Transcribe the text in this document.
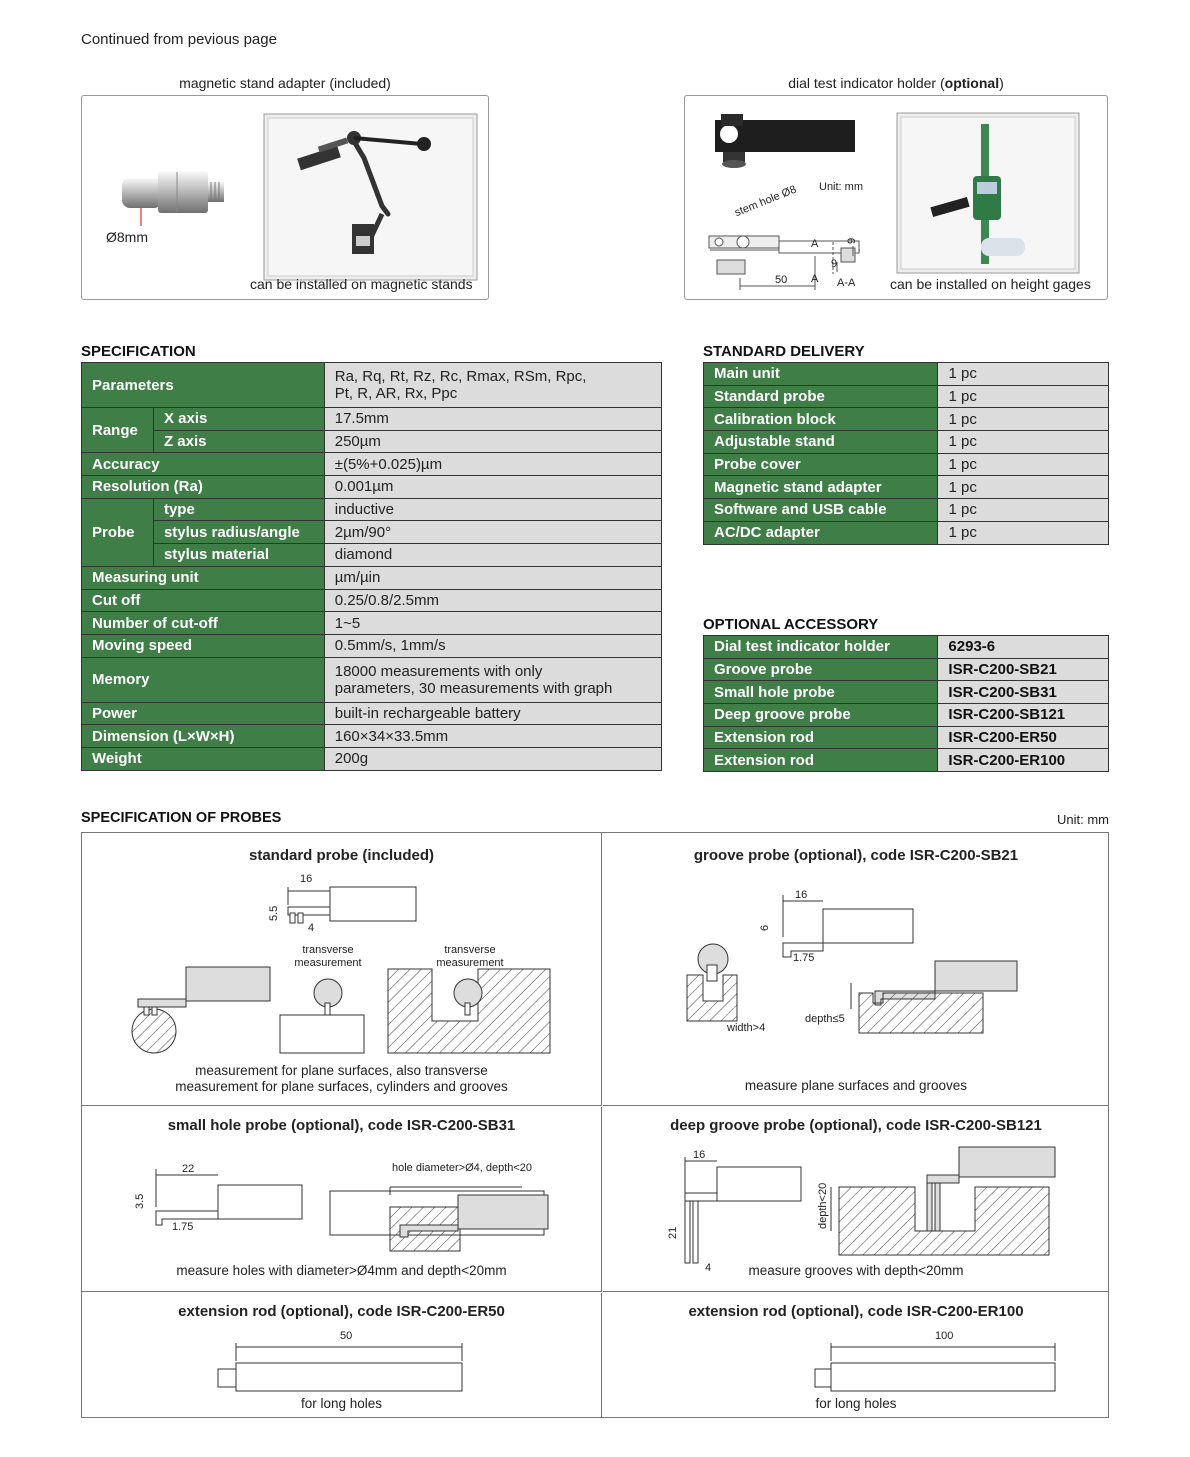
Continued from pevious page
magnetic stand adapter (included)
Ø8mm
can be installed on magnetic stands
dial test indicator holder (optional)
Unit: mm
stem hole Ø8
50
A
A
9
9
A-A can be installed on height gages
SPECIFICATION
Parameters		Ra, Rq, Rt, Rz, Rc, Rmax, RSm, Rpc,
Pt, R, AR, Rx, Ppc

Range	X axis	17.5mm
	Z axis	250µm
Accuracy		±(5%+0.025)µm
Resolution (Ra)		0.001µm
Probe	type	inductive
	stylus radius/angle	2µm/90°
	stylus material	diamond
Measuring unit		µm/µin
Cut off		0.25/0.8/2.5mm
Number of cut-off		1~5
Moving speed		0.5mm/s, 1mm/s
Memory		18000 measurements with only
parameters, 30 measurements with graph

Power		built-in rechargeable battery
Dimension (L×W×H)		160×34×33.5mm
Weight		200g
STANDARD DELIVERY
Main unit	1 pc
Standard probe	1 pc
Calibration block	1 pc
Adjustable stand	1 pc
Probe cover	1 pc
Magnetic stand adapter	1 pc
Software and USB cable	1 pc
AC/DC adapter	1 pc
OPTIONAL ACCESSORY
Dial test indicator holder	6293-6
Groove probe	ISR-C200-SB21
Small hole probe	ISR-C200-SB31
Deep groove probe	ISR-C200-SB121
Extension rod	ISR-C200-ER50
Extension rod	ISR-C200-ER100
SPECIFICATION OF PROBES	Unit: mm
standard probe (included)
16
5.5
4
transverse
measurement
transverse
measurement
measurement for plane surfaces, also transverse
measurement for plane surfaces, cylinders and grooves
groove probe (optional), code ISR-C200-SB21
16
6
1.75
width>4
depth≤5
measure plane surfaces and grooves
small hole probe (optional), code ISR-C200-SB31
22
3.5
1.75
hole diameter>Ø4, depth<20
measure holes with diameter>Ø4mm and depth<20mm
deep groove probe (optional), code ISR-C200-SB121
16
21
4
depth<20
measure grooves with depth<20mm
extension rod (optional), code ISR-C200-ER50
50
for long holes
extension rod (optional), code ISR-C200-ER100
100
for long holes
